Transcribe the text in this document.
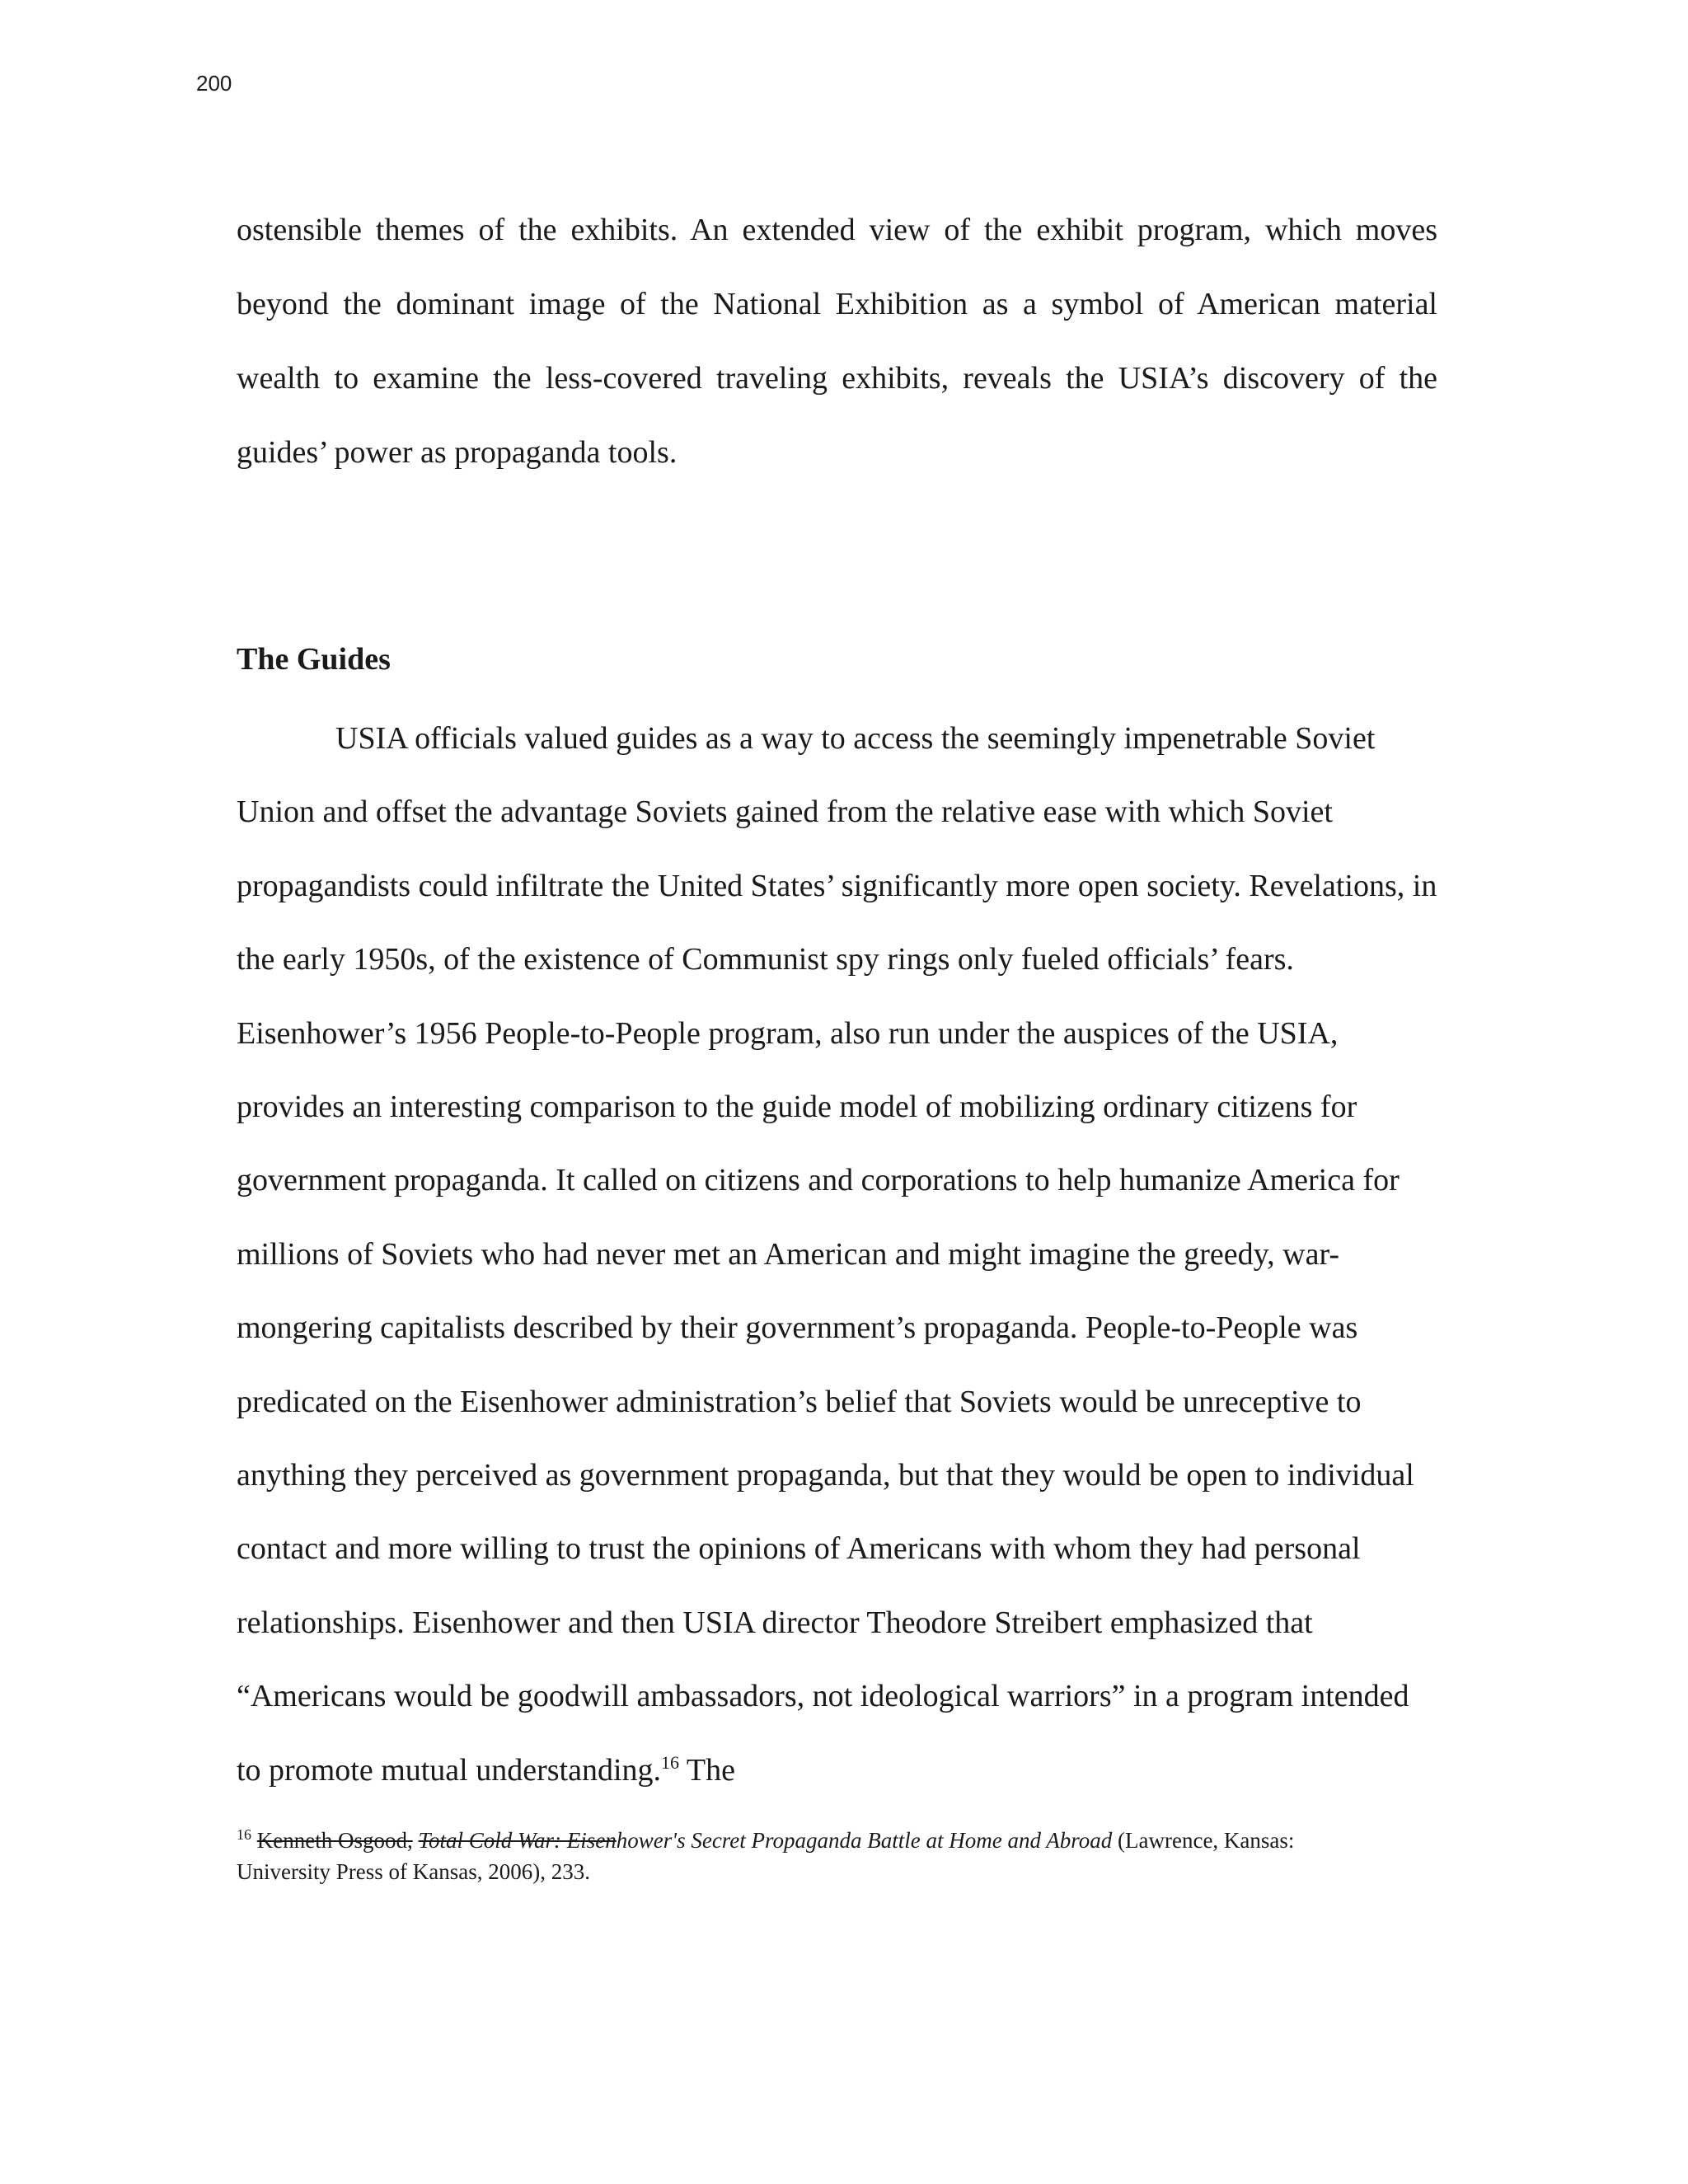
200
ostensible themes of the exhibits. An extended view of the exhibit program, which moves beyond the dominant image of the National Exhibition as a symbol of American material wealth to examine the less-covered traveling exhibits, reveals the USIA’s discovery of the guides’ power as propaganda tools.
The Guides
USIA officials valued guides as a way to access the seemingly impenetrable Soviet Union and offset the advantage Soviets gained from the relative ease with which Soviet propagandists could infiltrate the United States’ significantly more open society. Revelations, in the early 1950s, of the existence of Communist spy rings only fueled officials’ fears. Eisenhower’s 1956 People-to-People program, also run under the auspices of the USIA, provides an interesting comparison to the guide model of mobilizing ordinary citizens for government propaganda. It called on citizens and corporations to help humanize America for millions of Soviets who had never met an American and might imagine the greedy, war-mongering capitalists described by their government’s propaganda. People-to-People was predicated on the Eisenhower administration’s belief that Soviets would be unreceptive to anything they perceived as government propaganda, but that they would be open to individual contact and more willing to trust the opinions of Americans with whom they had personal relationships. Eisenhower and then USIA director Theodore Streibert emphasized that “Americans would be goodwill ambassadors, not ideological warriors” in a program intended to promote mutual understanding.$^{16}$ The
$^{16}$ Kenneth Osgood, Total Cold War: Eisenhower's Secret Propaganda Battle at Home and Abroad (Lawrence, Kansas: University Press of Kansas, 2006), 233.
